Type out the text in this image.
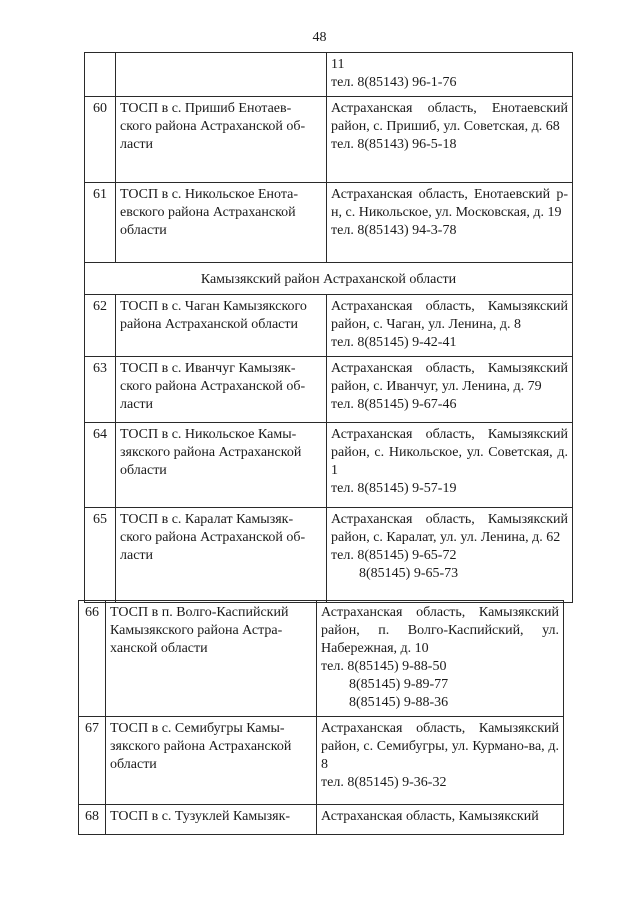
48

		11
тел. 8(85143) 96-1-76

60	ТОСП в с. Пришиб Енотаев-
ского района Астраханской об-
ласти	Астраханская область, Енотаевский район, с. Пришиб, ул. Советская, д. 68
тел. 8(85143) 96-5-18

61	ТОСП в с. Никольское Енота-
евского района Астраханской
области	Астраханская область, Енотаевский р-н, с. Никольское, ул. Московская, д. 19
тел. 8(85143) 94-3-78

Камызякский район Астраханской области		
62	ТОСП в с. Чаган Камызякского
района Астраханской области	Астраханская область, Камызякский район, с. Чаган, ул. Ленина, д. 8
тел. 8(85145) 9-42-41

63	ТОСП в с. Иванчуг Камызяк-
ского района Астраханской об-
ласти	Астраханская область, Камызякский район, с. Иванчуг, ул. Ленина, д. 79
тел. 8(85145) 9-67-46

64	ТОСП в с. Никольское Камы-
зякского района Астраханской
области	Астраханская область, Камызякский район, с. Никольское, ул. Советская, д. 1
тел. 8(85145) 9-57-19

65	ТОСП в с. Каралат Камызяк-
ского района Астраханской об-
ласти	Астраханская область, Камызякский район, с. Каралат, ул. ул. Ленина, д. 62
тел. 8(85145) 9-65-72
8(85145) 9-65-73
66	ТОСП в п. Волго-Каспийский
Камызякского района Астра-
ханской области	Астраханская область, Камызякский район, п. Волго-Каспийский, ул. Набережная, д. 10
тел. 8(85145) 9-88-50
8(85145) 9-89-77
8(85145) 9-88-36

67	ТОСП в с. Семибугры Камы-
зякского района Астраханской
области	Астраханская область, Камызякский район, с. Семибугры, ул. Курмано-ва, д. 8
тел. 8(85145) 9-36-32

68	ТОСП в с. Тузуклей Камызяк-	Астраханская область, Камызякский
